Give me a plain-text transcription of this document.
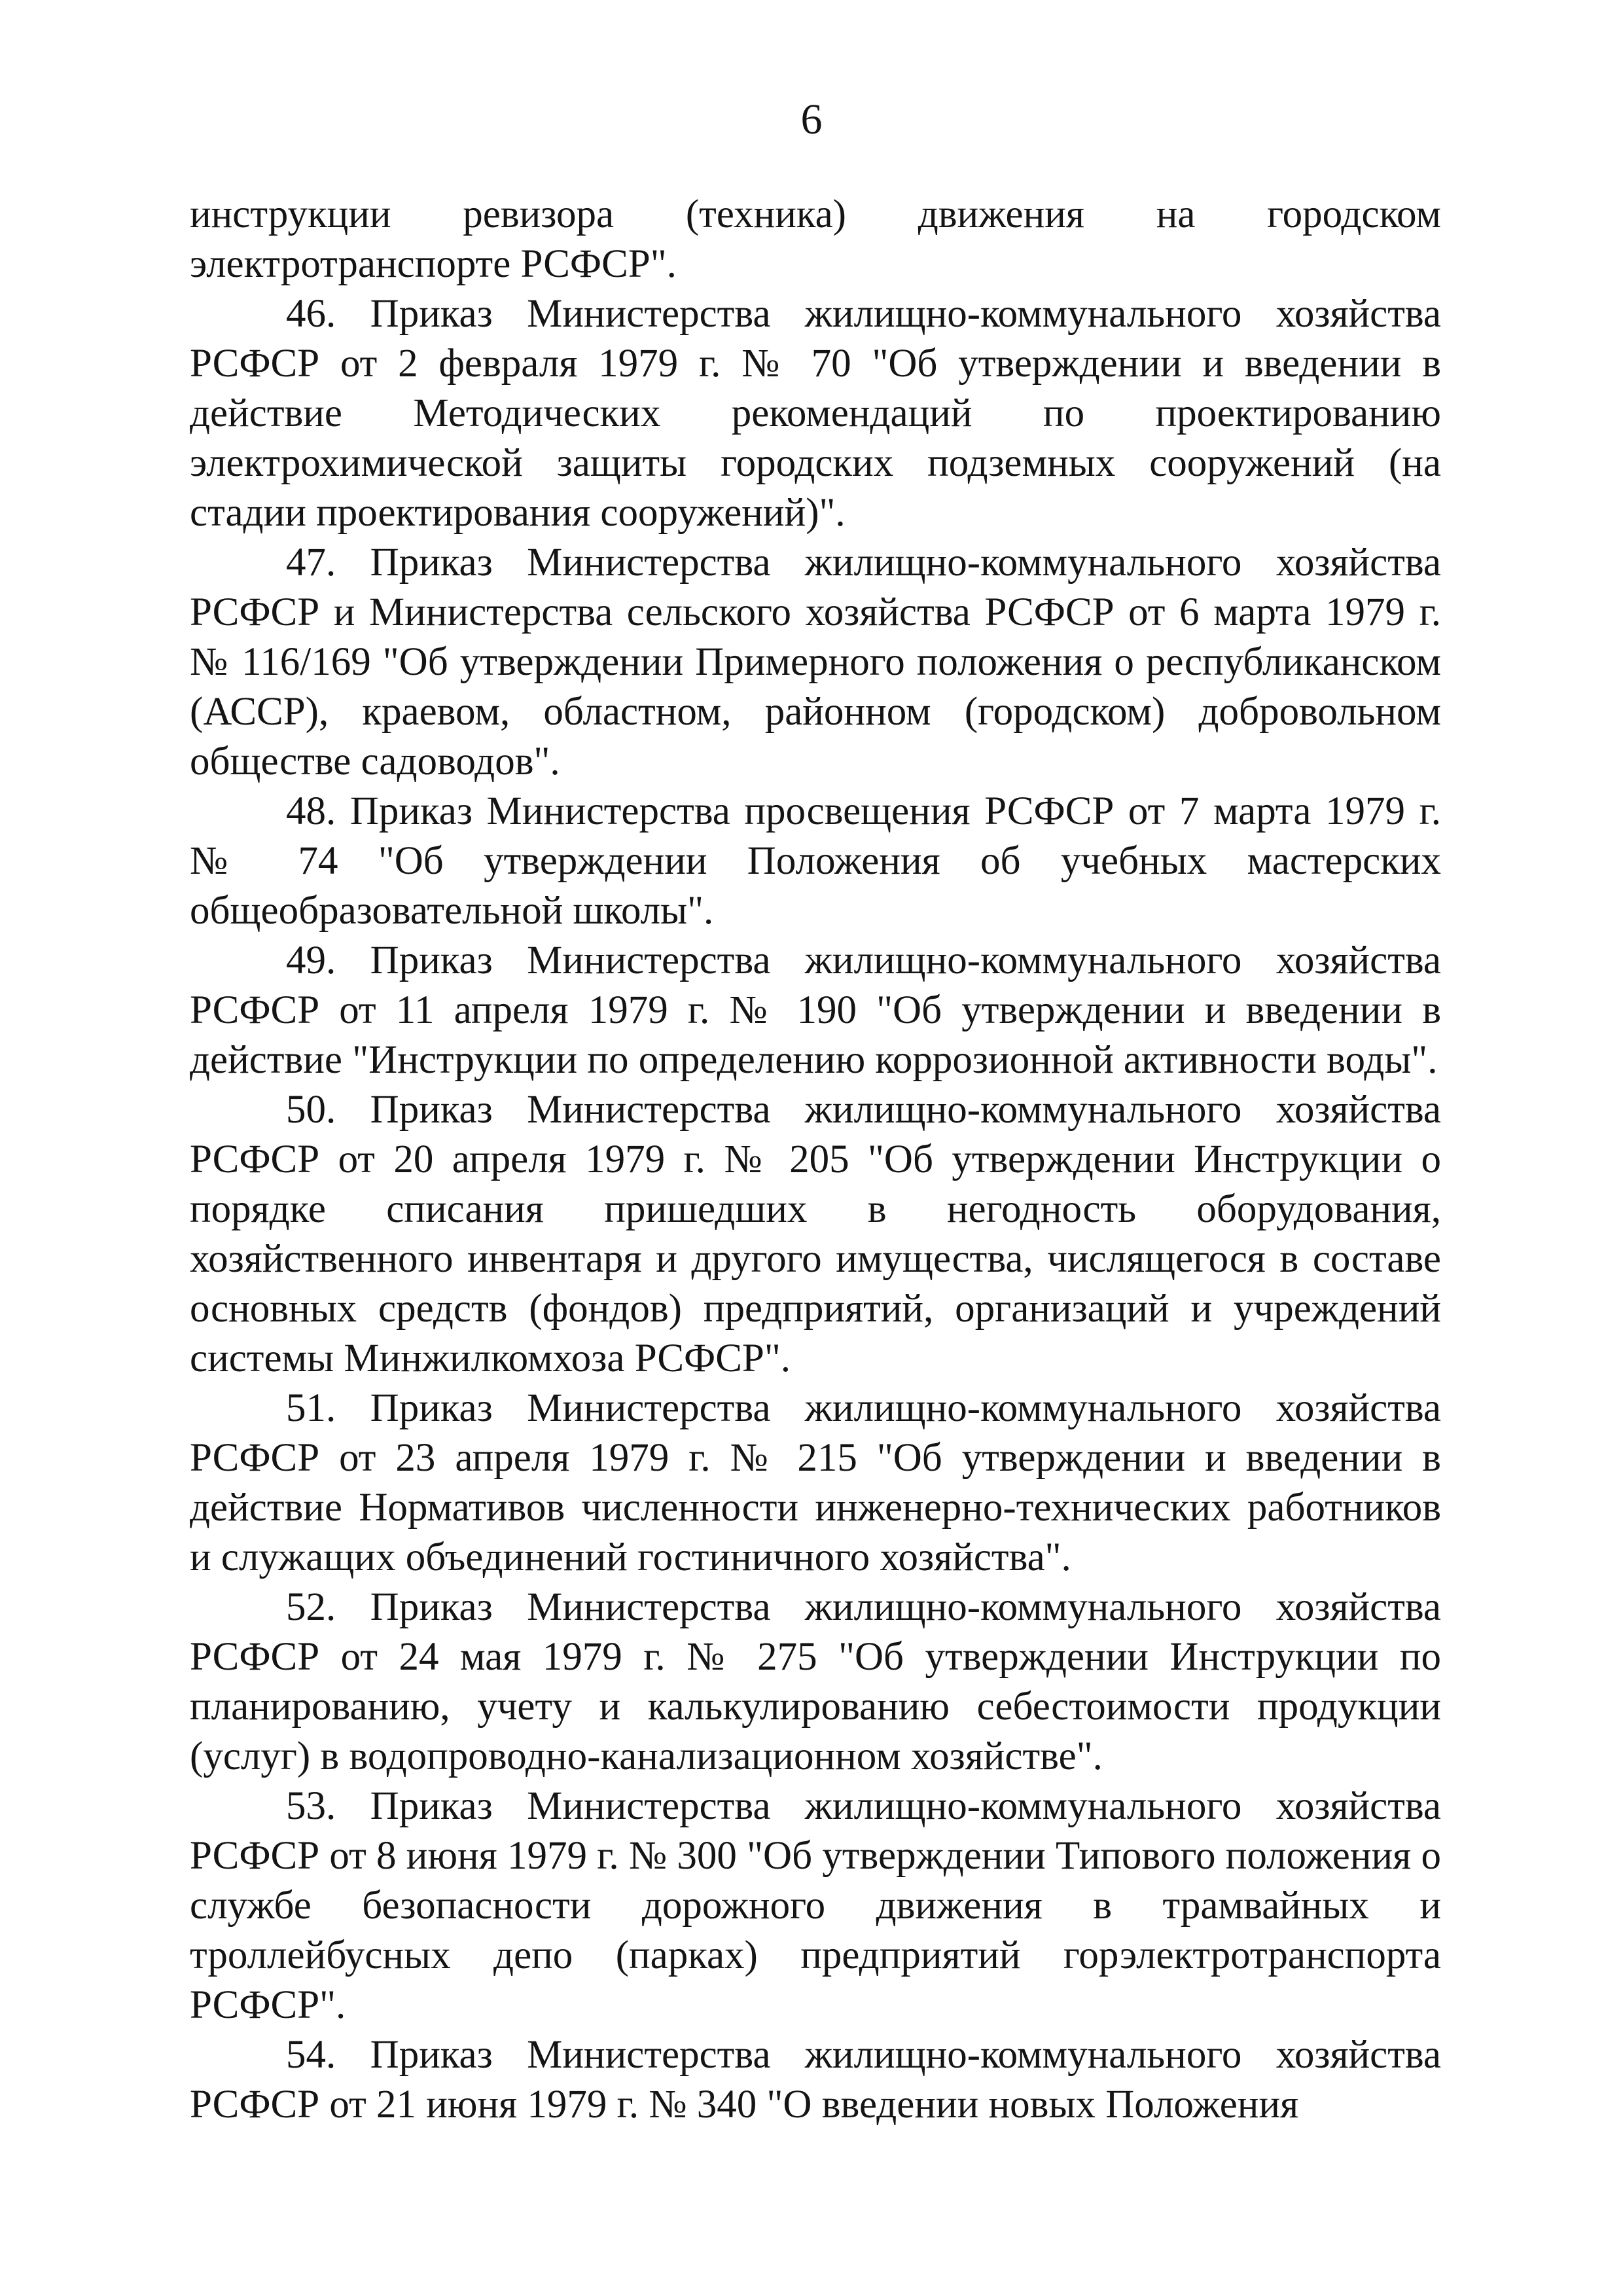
6

инструкции ревизора (техника) движения на городском электротранспорте РСФСР".

46. Приказ Министерства жилищно-коммунального хозяйства РСФСР от 2 февраля 1979 г. № 70 "Об утверждении и введении в действие Методических рекомендаций по проектированию электрохимической защиты городских подземных сооружений (на стадии проектирования сооружений)".

47. Приказ Министерства жилищно-коммунального хозяйства РСФСР и Министерства сельского хозяйства РСФСР от 6 марта 1979 г. № 116/169 "Об утверждении Примерного положения о республиканском (АССР), краевом, областном, районном (городском) добровольном обществе садоводов".

48. Приказ Министерства просвещения РСФСР от 7 марта 1979 г. № 74 "Об утверждении Положения об учебных мастерских общеобразовательной школы".

49. Приказ Министерства жилищно-коммунального хозяйства РСФСР от 11 апреля 1979 г. № 190 "Об утверждении и введении в действие "Инструкции по определению коррозионной активности воды".

50. Приказ Министерства жилищно-коммунального хозяйства РСФСР от 20 апреля 1979 г. № 205 "Об утверждении Инструкции о порядке списания пришедших в негодность оборудования, хозяйственного инвентаря и другого имущества, числящегося в составе основных средств (фондов) предприятий, организаций и учреждений системы Минжилкомхоза РСФСР".

51. Приказ Министерства жилищно-коммунального хозяйства РСФСР от 23 апреля 1979 г. № 215 "Об утверждении и введении в действие Нормативов численности инженерно-технических работников и служащих объединений гостиничного хозяйства".

52. Приказ Министерства жилищно-коммунального хозяйства РСФСР от 24 мая 1979 г. № 275 "Об утверждении Инструкции по планированию, учету и калькулированию себестоимости продукции (услуг) в водопроводно-канализационном хозяйстве".

53. Приказ Министерства жилищно-коммунального хозяйства РСФСР от 8 июня 1979 г. № 300 "Об утверждении Типового положения о службе безопасности дорожного движения в трамвайных и троллейбусных депо (парках) предприятий горэлектротранспорта РСФСР".

54. Приказ Министерства жилищно-коммунального хозяйства РСФСР от 21 июня 1979 г. № 340 "О введении новых Положения
